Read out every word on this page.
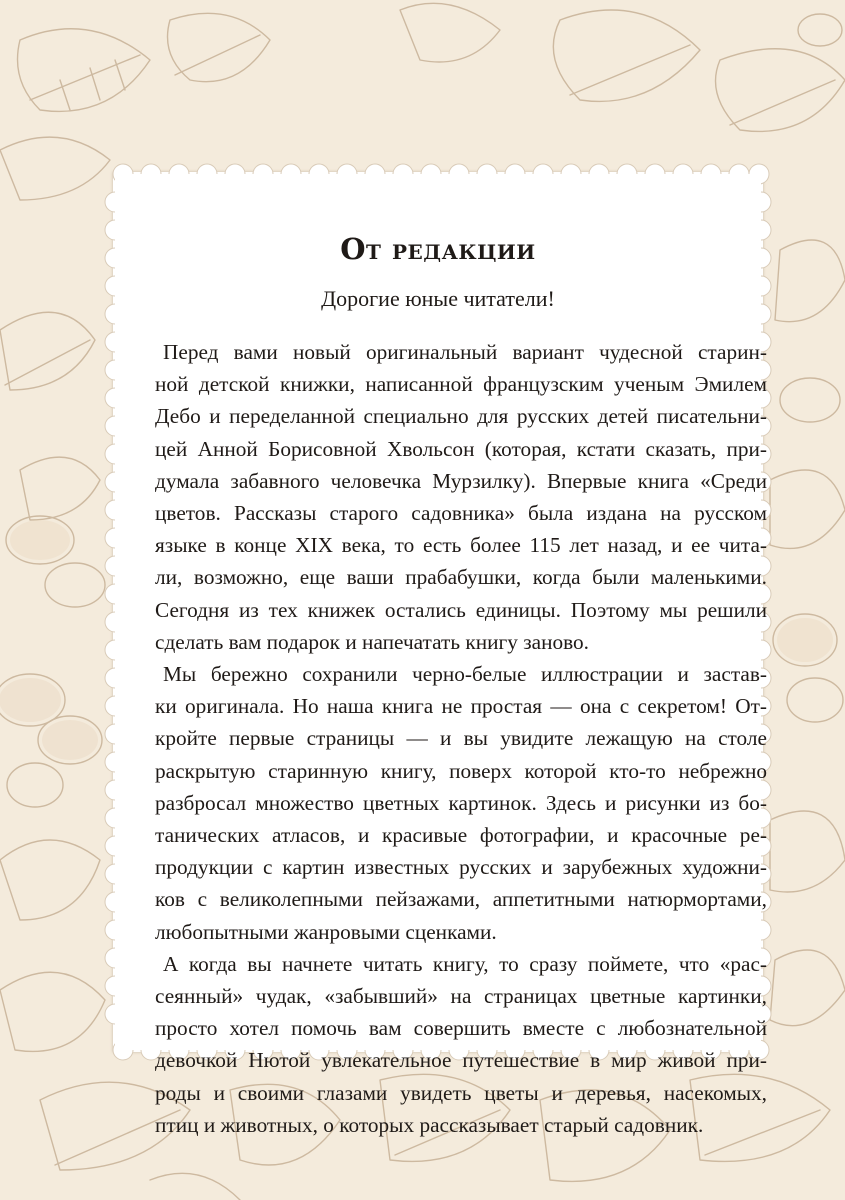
От редакции
Дорогие юные читатели!
Перед вами новый оригинальный вариант чудесной старин-
ной детской книжки, написанной французским ученым Эмилем
Дебо и переделанной специально для русских детей писательни-
цей Анной Борисовной Хвольсон (которая, кстати сказать, при-
думала забавного человечка Мурзилку). Впервые книга «Среди
цветов. Рассказы старого садовника» была издана на русском
языке в конце XIX века, то есть более 115 лет назад, и ее чита-
ли, возможно, еще ваши прабабушки, когда были маленькими.
Сегодня из тех книжек остались единицы. Поэтому мы решили
сделать вам подарок и напечатать книгу заново.
Мы бережно сохранили черно-белые иллюстрации и застав-
ки оригинала. Но наша книга не простая — она с секретом! От-
кройте первые страницы — и вы увидите лежащую на столе
раскрытую старинную книгу, поверх которой кто-то небрежно
разбросал множество цветных картинок. Здесь и рисунки из бо-
танических атласов, и красивые фотографии, и красочные ре-
продукции с картин известных русских и зарубежных художни-
ков с великолепными пейзажами, аппетитными натюрмортами,
любопытными жанровыми сценками.
А когда вы начнете читать книгу, то сразу поймете, что «рас-
сеянный» чудак, «забывший» на страницах цветные картинки,
просто хотел помочь вам совершить вместе с любознательной
девочкой Нютой увлекательное путешествие в мир живой при-
роды и своими глазами увидеть цветы и деревья, насекомых,
птиц и животных, о которых рассказывает старый садовник.
